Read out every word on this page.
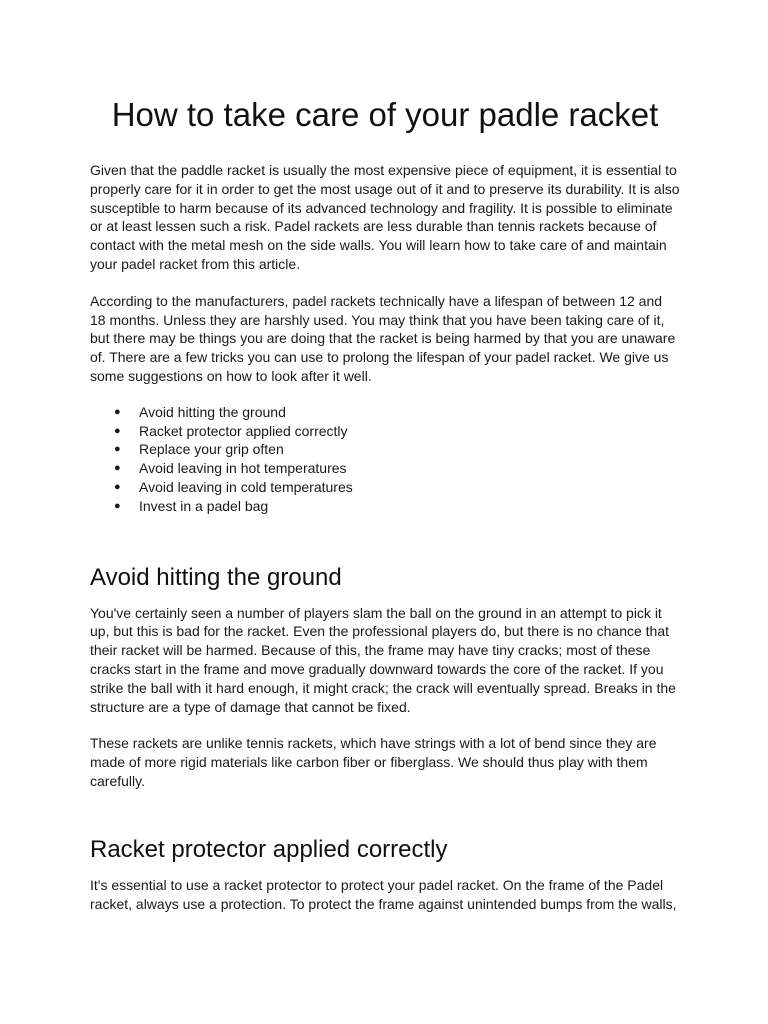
How to take care of your padle racket

Given that the paddle racket is usually the most expensive piece of equipment, it is essential to properly care for it in order to get the most usage out of it and to preserve its durability. It is also susceptible to harm because of its advanced technology and fragility. It is possible to eliminate or at least lessen such a risk. Padel rackets are less durable than tennis rackets because of contact with the metal mesh on the side walls. You will learn how to take care of and maintain your padel racket from this article.

According to the manufacturers, padel rackets technically have a lifespan of between 12 and 18 months. Unless they are harshly used. You may think that you have been taking care of it, but there may be things you are doing that the racket is being harmed by that you are unaware of. There are a few tricks you can use to prolong the lifespan of your padel racket. We give us some suggestions on how to look after it well.

● Avoid hitting the ground
● Racket protector applied correctly
● Replace your grip often
● Avoid leaving in hot temperatures
● Avoid leaving in cold temperatures
● Invest in a padel bag
Avoid hitting the ground

You've certainly seen a number of players slam the ball on the ground in an attempt to pick it up, but this is bad for the racket. Even the professional players do, but there is no chance that their racket will be harmed. Because of this, the frame may have tiny cracks; most of these cracks start in the frame and move gradually downward towards the core of the racket. If you strike the ball with it hard enough, it might crack; the crack will eventually spread. Breaks in the structure are a type of damage that cannot be fixed.

These rackets are unlike tennis rackets, which have strings with a lot of bend since they are made of more rigid materials like carbon fiber or fiberglass. We should thus play with them carefully.

Racket protector applied correctly

It's essential to use a racket protector to protect your padel racket. On the frame of the Padel racket, always use a protection. To protect the frame against unintended bumps from the walls,
